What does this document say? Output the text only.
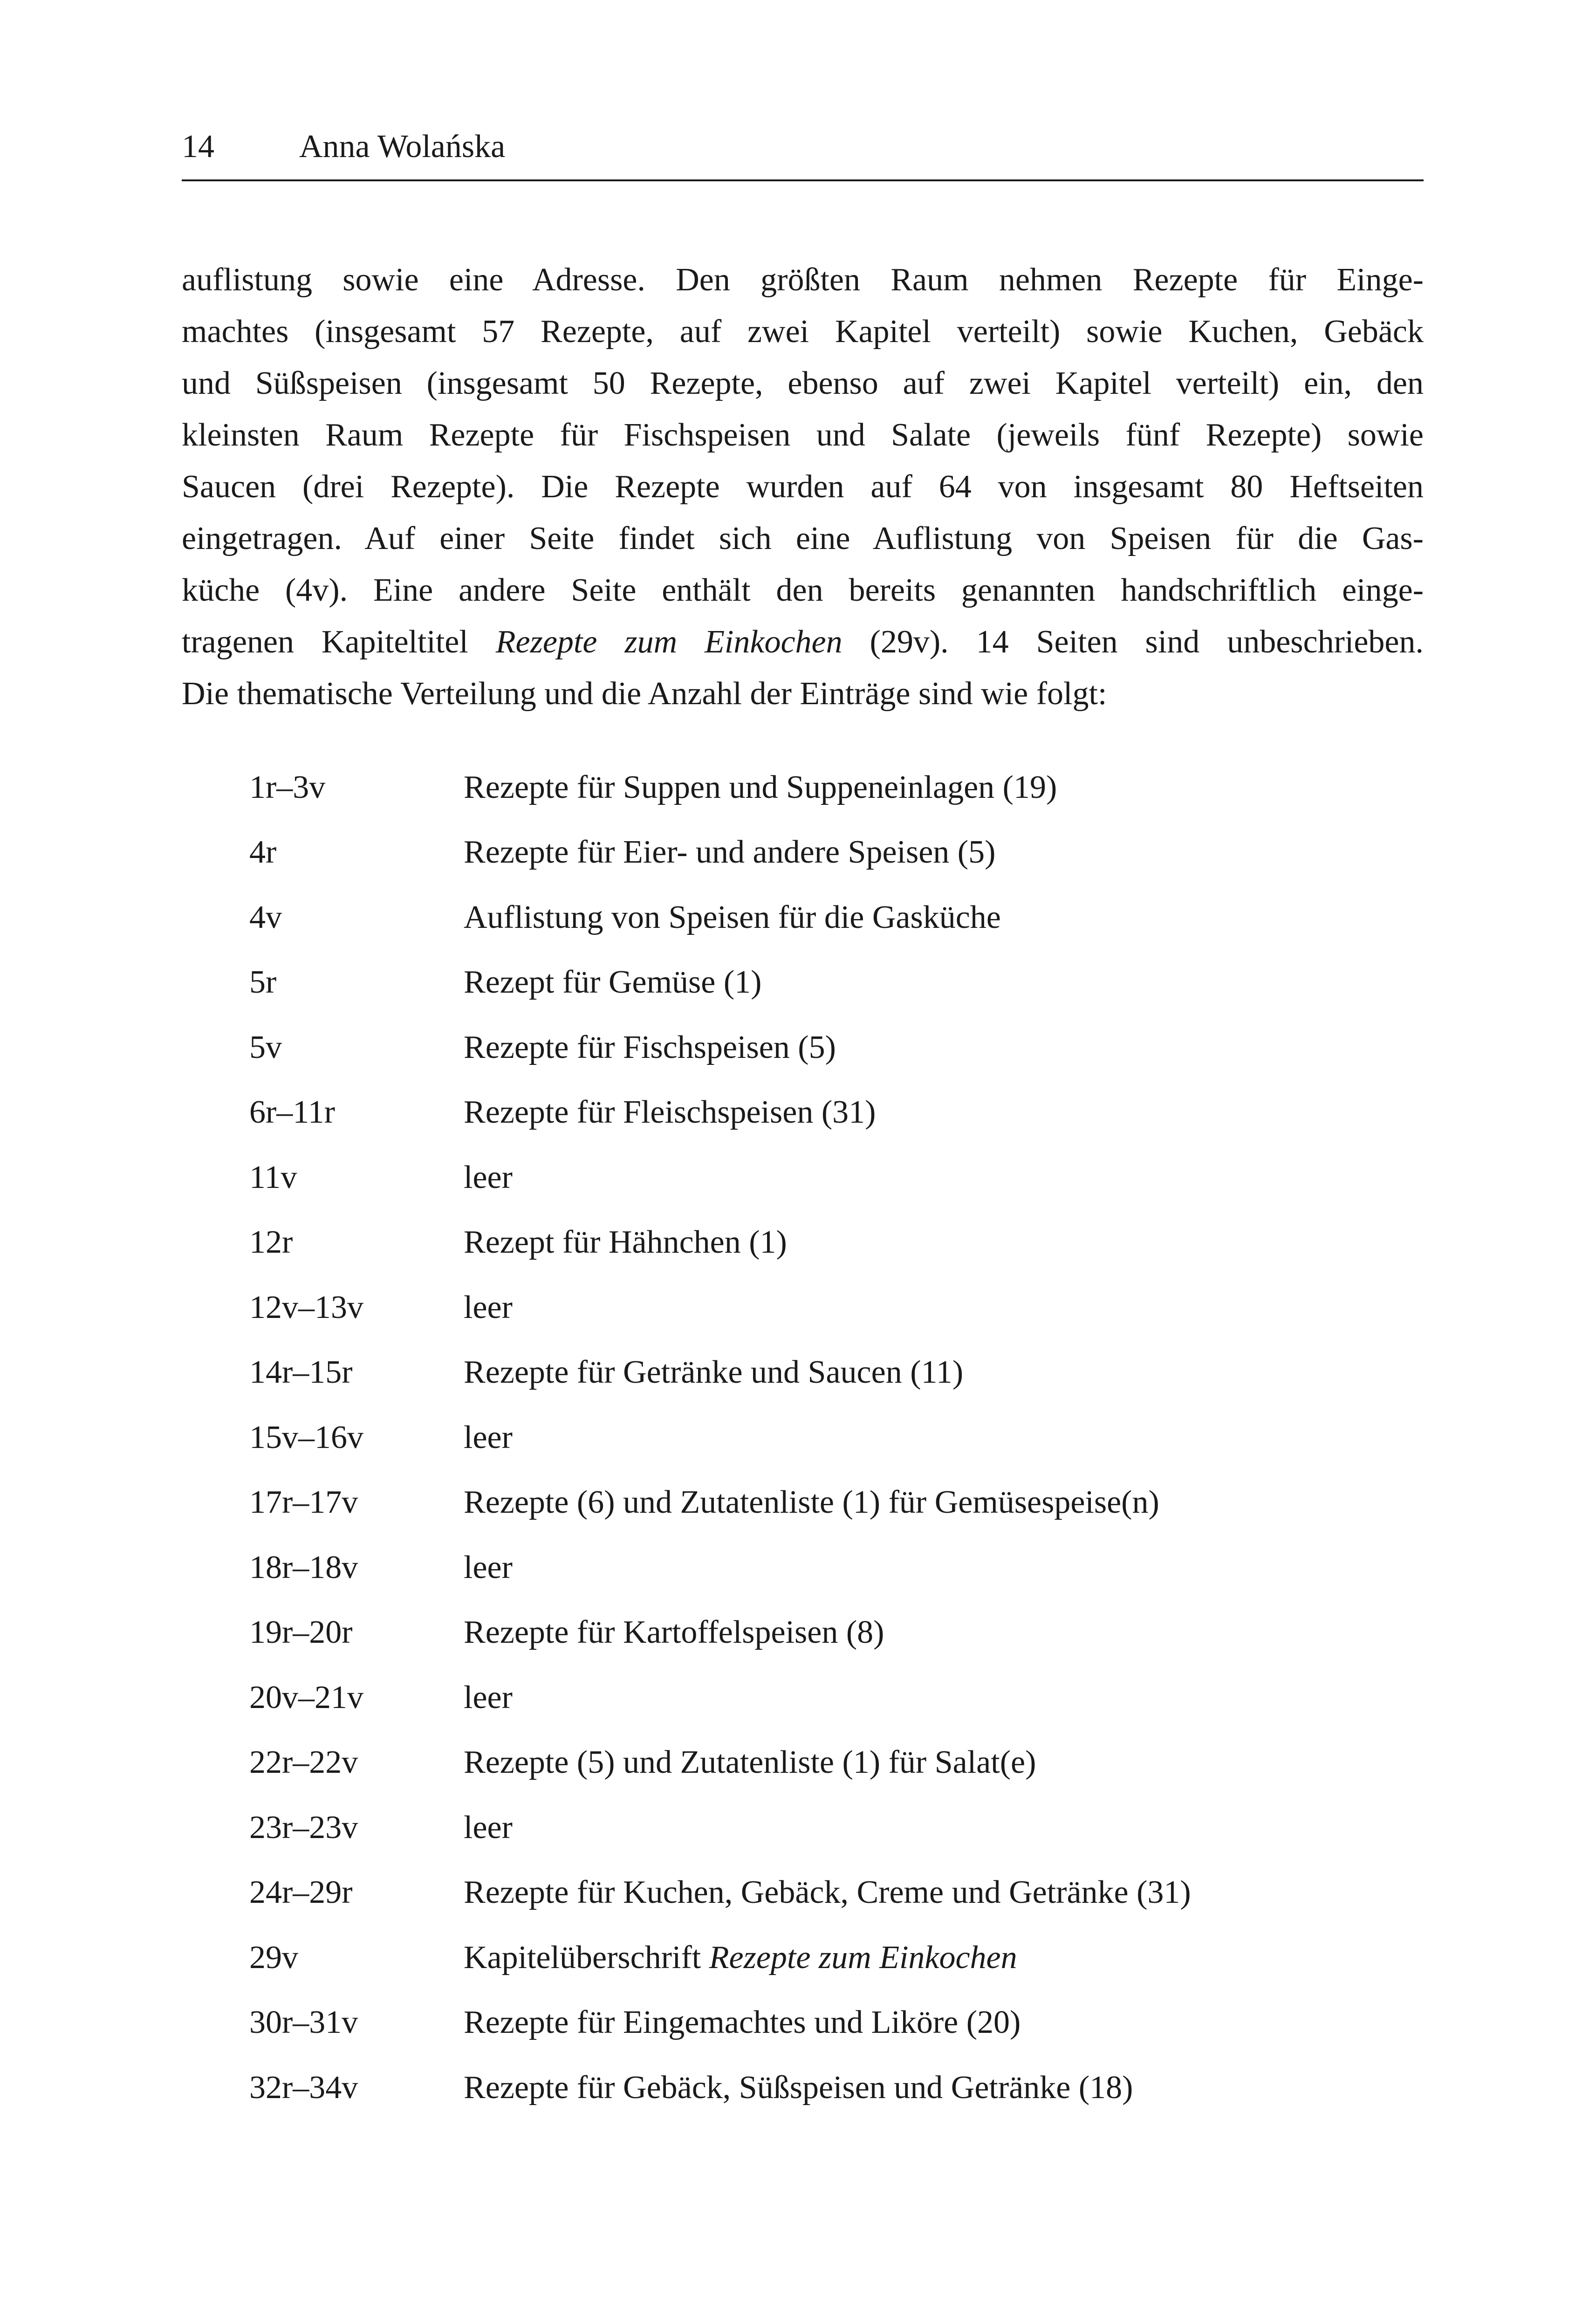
14	Anna Wolańska
auflistung sowie eine Adresse. Den größten Raum nehmen Rezepte für Einge-
machtes (insgesamt 57 Rezepte, auf zwei Kapitel verteilt) sowie Kuchen, Gebäck
und Süßspeisen (insgesamt 50 Rezepte, ebenso auf zwei Kapitel verteilt) ein, den
kleinsten Raum Rezepte für Fischspeisen und Salate (jeweils fünf Rezepte) sowie
Saucen (drei Rezepte). Die Rezepte wurden auf 64 von insgesamt 80 Heftseiten
eingetragen. Auf einer Seite findet sich eine Auflistung von Speisen für die Gas-
küche (4v). Eine andere Seite enthält den bereits genannten handschriftlich einge-
tragenen Kapiteltitel Rezepte zum Einkochen (29v). 14 Seiten sind unbeschrieben.
Die thematische Verteilung und die Anzahl der Einträge sind wie folgt:
1r–3v	Rezepte für Suppen und Suppeneinlagen (19)
4r	Rezepte für Eier- und andere Speisen (5)
4v	Auflistung von Speisen für die Gasküche
5r	Rezept für Gemüse (1)
5v	Rezepte für Fischspeisen (5)
6r–11r	Rezepte für Fleischspeisen (31)
11v	leer
12r	Rezept für Hähnchen (1)
12v–13v	leer
14r–15r	Rezepte für Getränke und Saucen (11)
15v–16v	leer
17r–17v	Rezepte (6) und Zutatenliste (1) für Gemüsespeise(n)
18r–18v	leer
19r–20r	Rezepte für Kartoffelspeisen (8)
20v–21v	leer
22r–22v	Rezepte (5) und Zutatenliste (1) für Salat(e)
23r–23v	leer
24r–29r	Rezepte für Kuchen, Gebäck, Creme und Getränke (31)
29v	Kapitelüberschrift Rezepte zum Einkochen
30r–31v	Rezepte für Eingemachtes und Liköre (20)
32r–34v	Rezepte für Gebäck, Süßspeisen und Getränke (18)
